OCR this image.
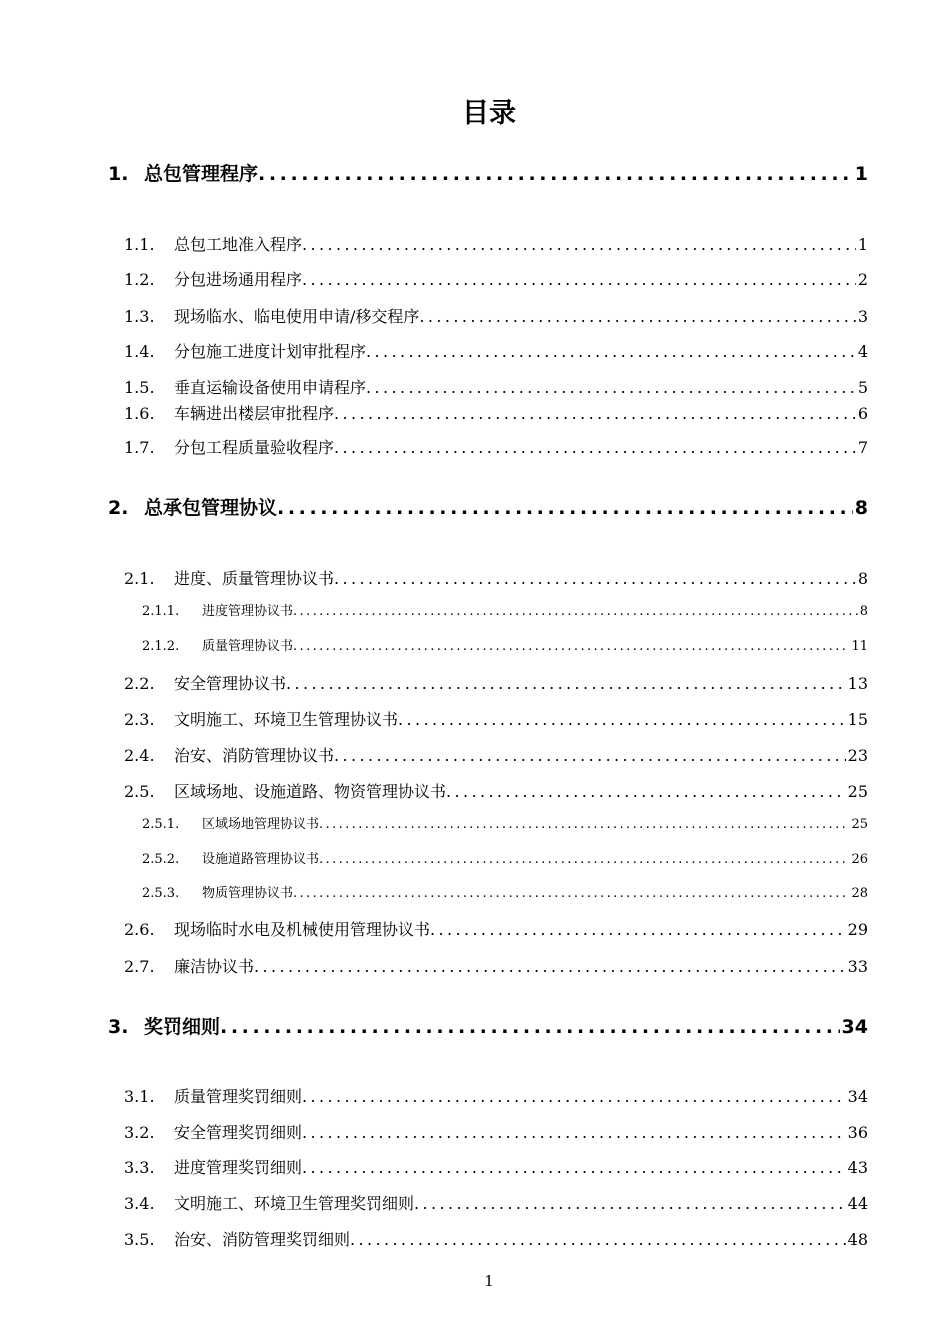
目录
1. 总包管理程序 .....	1
1.1. 总包工地准入程序 .....	1
1.2. 分包进场通用程序 .....	2
1.3. 现场临水、临电使用申请/移交程序 .....	3
1.4. 分包施工进度计划审批程序 .....	4
1.5. 垂直运输设备使用申请程序 .....	5
1.6. 车辆进出楼层审批程序 .....	6
1.7. 分包工程质量验收程序 .....	7
2. 总承包管理协议 .....	8
2.1. 进度、质量管理协议书 .....	8
2.1.1. 进度管理协议书 .....	8
2.1.2. 质量管理协议书 .....	11
2.2. 安全管理协议书 .....	13
2.3. 文明施工、环境卫生管理协议书 .....	15
2.4. 治安、消防管理协议书 .....	23
2.5. 区域场地、设施道路、物资管理协议书 .....	25
2.5.1. 区域场地管理协议书 .....	25
2.5.2. 设施道路管理协议书 .....	26
2.5.3. 物质管理协议书 .....	28
2.6. 现场临时水电及机械使用管理协议书 .....	29
2.7. 廉洁协议书 .....	33
3. 奖罚细则 .....	34
3.1. 质量管理奖罚细则 .....	34
3.2. 安全管理奖罚细则 .....	36
3.3. 进度管理奖罚细则 .....	43
3.4. 文明施工、环境卫生管理奖罚细则 .....	44
3.5. 治安、消防管理奖罚细则 .....	48
1
